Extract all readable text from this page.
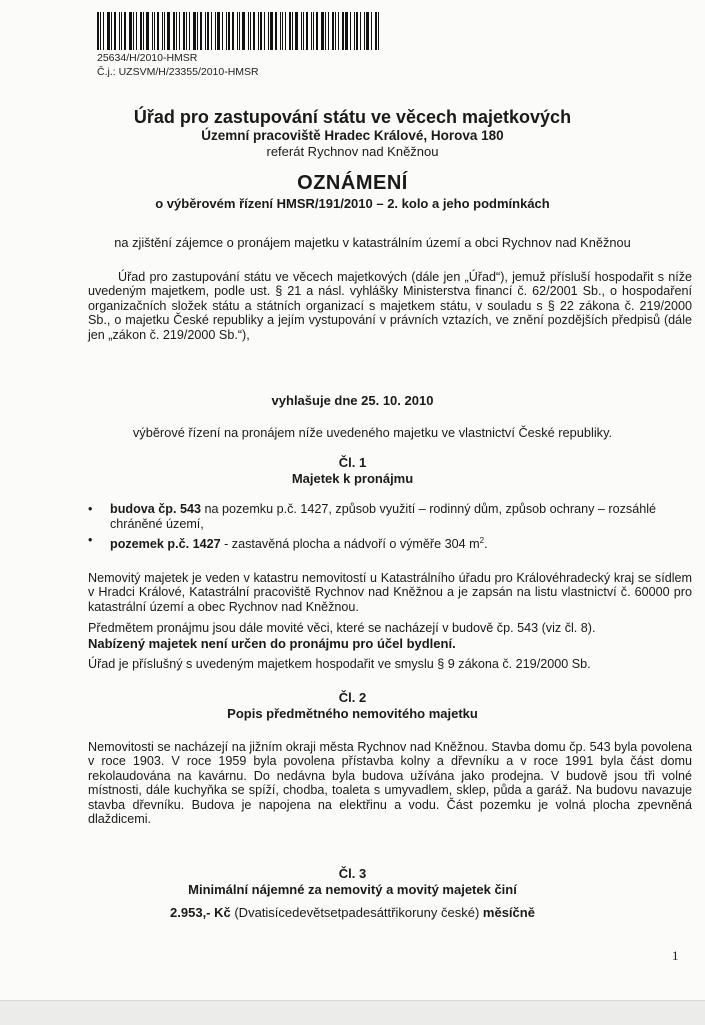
25634/H/2010-HMSR
Č.j.: UZSVM/H/23355/2010-HMSR
Úřad pro zastupování státu ve věcech majetkových
Územní pracoviště Hradec Králové, Horova 180
referát Rychnov nad Kněžnou
OZNÁMENÍ
o výběrovém řízení HMSR/191/2010 – 2. kolo a jeho podmínkách
na zjištění zájemce o pronájem majetku v katastrálním území a obci Rychnov nad Kněžnou
Úřad pro zastupování státu ve věcech majetkových (dále jen „Úřad“), jemuž přísluší hospodařit s níže uvedeným majetkem, podle ust. § 21 a násl. vyhlášky Ministerstva financí č. 62/2001 Sb., o hospodaření organizačních složek státu a státních organizací s majetkem státu, v souladu s § 22 zákona č. 219/2000 Sb., o majetku České republiky a jejím vystupování v právních vztazích, ve znění pozdějších předpisů (dále jen „zákon č. 219/2000 Sb.“),
vyhlašuje dne 25. 10. 2010
výběrové řízení na pronájem níže uvedeného majetku ve vlastnictví České republiky.
Čl. 1
Majetek k pronájmu
• budova čp. 543 na pozemku p.č. 1427, způsob využití – rodinný dům, způsob ochrany – rozsáhlé chráněné území,
• pozemek p.č. 1427 - zastavěná plocha a nádvoří o výměře 304 $m^2$.
Nemovitý majetek je veden v katastru nemovitostí u Katastrálního úřadu pro Královéhradecký kraj se sídlem v Hradci Králové, Katastrální pracoviště Rychnov nad Kněžnou a je zapsán na listu vlastnictví č. 60000 pro katastrální území a obec Rychnov nad Kněžnou.
Předmětem pronájmu jsou dále movité věci, které se nacházejí v budově čp. 543 (viz čl. 8).
Nabízený majetek není určen do pronájmu pro účel bydlení.
Úřad je příslušný s uvedeným majetkem hospodařit ve smyslu § 9 zákona č. 219/2000 Sb.
Čl. 2
Popis předmětného nemovitého majetku
Nemovitosti se nacházejí na jižním okraji města Rychnov nad Kněžnou. Stavba domu čp. 543 byla povolena v roce 1903. V roce 1959 byla povolena přístavba kolny a dřevníku a v roce 1991 byla část domu rekolaudována na kavárnu. Do nedávna byla budova užívána jako prodejna. V budově jsou tři volné místnosti, dále kuchyňka se spíží, chodba, toaleta s umyvadlem, sklep, půda a garáž. Na budovu navazuje stavba dřevníku. Budova je napojena na elektřinu a vodu. Část pozemku je volná plocha zpevněná dlaždicemi.
Čl. 3
Minimální nájemné za nemovitý a movitý majetek činí
2.953,- Kč (Dvatisícedevětsetpadesáttřikoruny české) měsíčně
1
